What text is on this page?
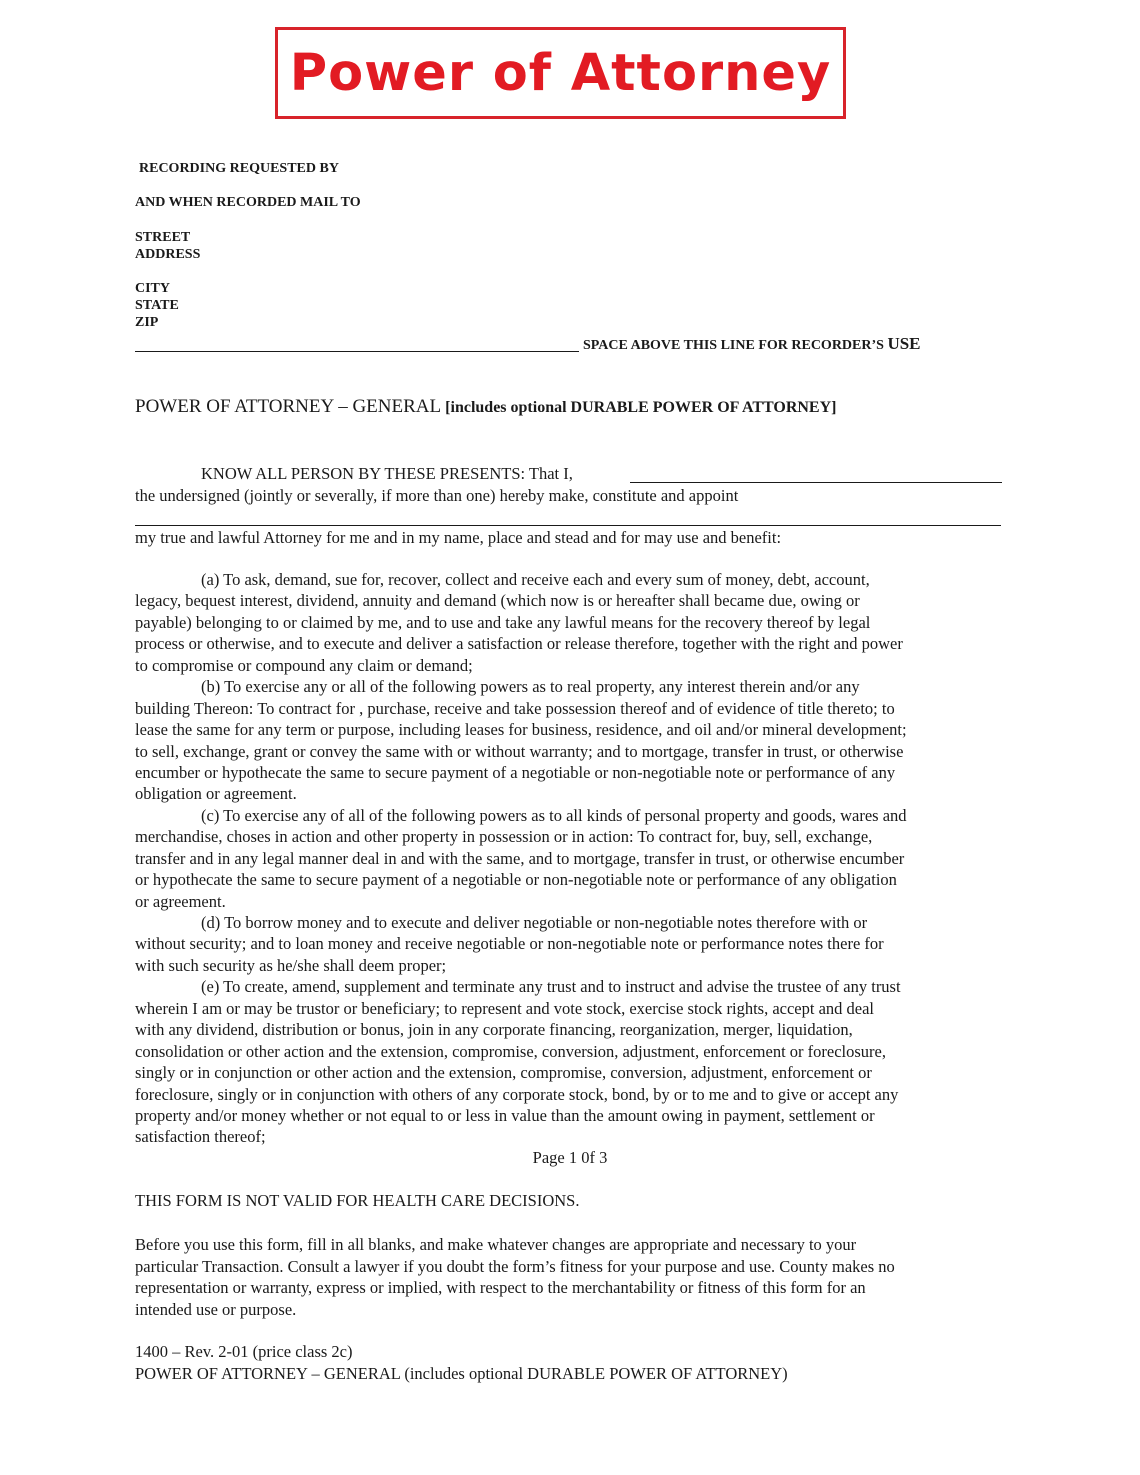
Power of Attorney
RECORDING REQUESTED BY
AND WHEN RECORDED MAIL TO
STREET
ADDRESS
CITY
STATE
ZIP
SPACE ABOVE THIS LINE FOR RECORDER’S USE
POWER OF ATTORNEY – GENERAL [includes optional DURABLE POWER OF ATTORNEY]
KNOW ALL PERSON BY THESE PRESENTS: That I,
the undersigned (jointly or severally, if more than one) hereby make, constitute and appoint
my true and lawful Attorney for me and in my name, place and stead and for may use and benefit:
(a) To ask, demand, sue for, recover, collect and receive each and every sum of money, debt, account,
legacy, bequest interest, dividend, annuity and demand (which now is or hereafter shall became due, owing or
payable) belonging to or claimed by me, and to use and take any lawful means for the recovery thereof by legal
process or otherwise, and to execute and deliver a satisfaction or release therefore, together with the right and power
to compromise or compound any claim or demand;
(b) To exercise any or all of the following powers as to real property, any interest therein and/or any
building Thereon: To contract for , purchase, receive and take possession thereof and of evidence of title thereto; to
lease the same for any term or purpose, including leases for business, residence, and oil and/or mineral development;
to sell, exchange, grant or convey the same with or without warranty; and to mortgage, transfer in trust, or otherwise
encumber or hypothecate the same to secure payment of a negotiable or non-negotiable note or performance of any
obligation or agreement.
(c) To exercise any of all of the following powers as to all kinds of personal property and goods, wares and
merchandise, choses in action and other property in possession or in action: To contract for, buy, sell, exchange,
transfer and in any legal manner deal in and with the same, and to mortgage, transfer in trust, or otherwise encumber
or hypothecate the same to secure payment of a negotiable or non-negotiable note or performance of any obligation
or agreement.
(d) To borrow money and to execute and deliver negotiable or non-negotiable notes therefore with or
without security; and to loan money and receive negotiable or non-negotiable note or performance notes there for
with such security as he/she shall deem proper;
(e) To create, amend, supplement and terminate any trust and to instruct and advise the trustee of any trust
wherein I am or may be trustor or beneficiary; to represent and vote stock, exercise stock rights, accept and deal
with any dividend, distribution or bonus, join in any corporate financing, reorganization, merger, liquidation,
consolidation or other action and the extension, compromise, conversion, adjustment, enforcement or foreclosure,
singly or in conjunction or other action and the extension, compromise, conversion, adjustment, enforcement or
foreclosure, singly or in conjunction with others of any corporate stock, bond, by or to me and to give or accept any
property and/or money whether or not equal to or less in value than the amount owing in payment, settlement or
satisfaction thereof;
Page 1 0f 3
THIS FORM IS NOT VALID FOR HEALTH CARE DECISIONS.
Before you use this form, fill in all blanks, and make whatever changes are appropriate and necessary to your
particular Transaction. Consult a lawyer if you doubt the form’s fitness for your purpose and use. County makes no
representation or warranty, express or implied, with respect to the merchantability or fitness of this form for an
intended use or purpose.
1400 – Rev. 2-01 (price class 2c)
POWER OF ATTORNEY – GENERAL (includes optional DURABLE POWER OF ATTORNEY)
